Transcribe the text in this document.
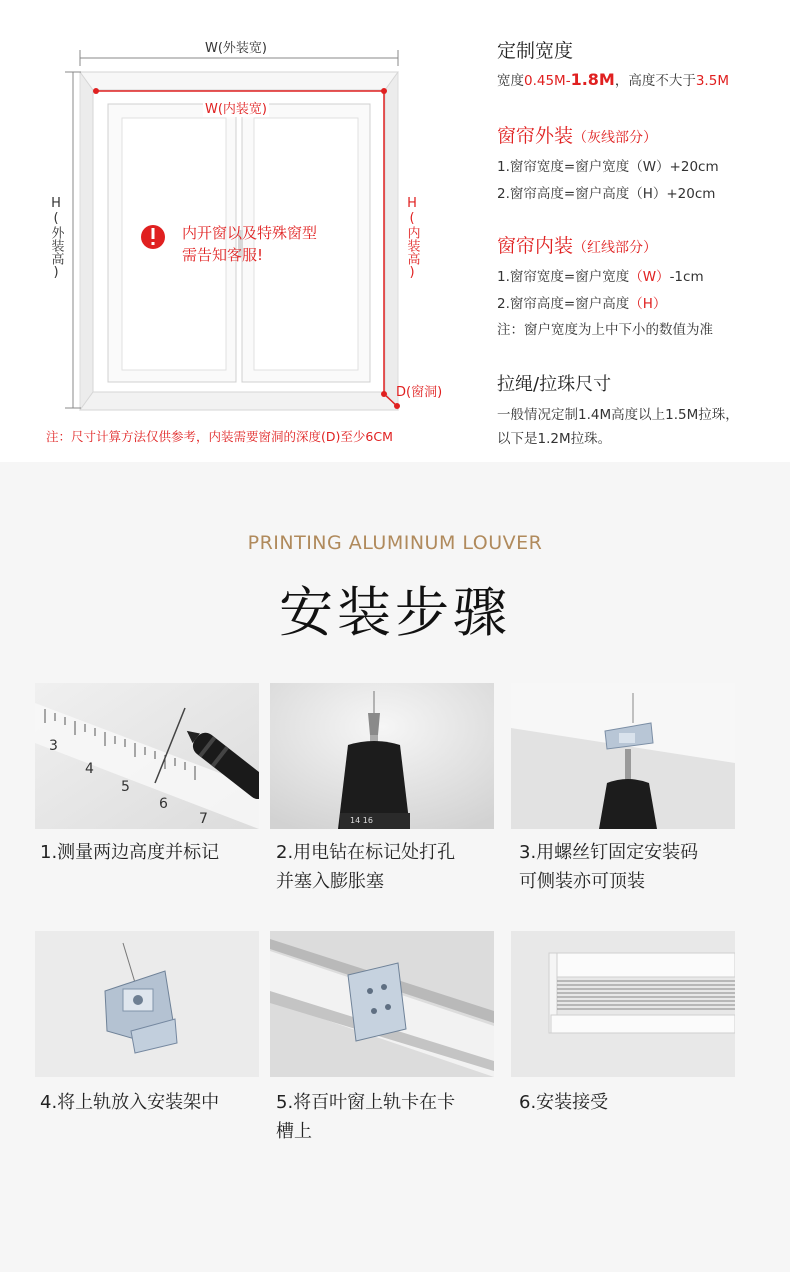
W(外装宽)
W(内装宽)
H(外装高)	H(内装高)
D(窗洞)
内开窗以及特殊窗型
需告知客服!
注：尺寸计算方法仅供参考，内装需要窗洞的深度(D)至少6CM
定制宽度
宽度0.45M-1.8M，高度不大于3.5M
窗帘外装（灰线部分）
1.窗帘宽度=窗户宽度（W）+20cm
2.窗帘高度=窗户高度（H）+20cm
窗帘内装（红线部分）
1.窗帘宽度=窗户宽度（W）-1cm
2.窗帘高度=窗户高度（H）
注：窗户宽度为上中下小的数值为准
拉绳/拉珠尺寸
一般情况定制1.4M高度以上1.5M拉珠，
以下是1.2M拉珠。
PRINTING ALUMINUM LOUVER
安装步骤
3
4
5
6
7	14 16
1.测量两边高度并标记	2.用电钻在标记处打孔
并塞入膨胀塞
3.用螺丝钉固定安装码
可侧装亦可顶装
4.将上轨放入安装架中	5.将百叶窗上轨卡在卡
槽上
6.安装接受
